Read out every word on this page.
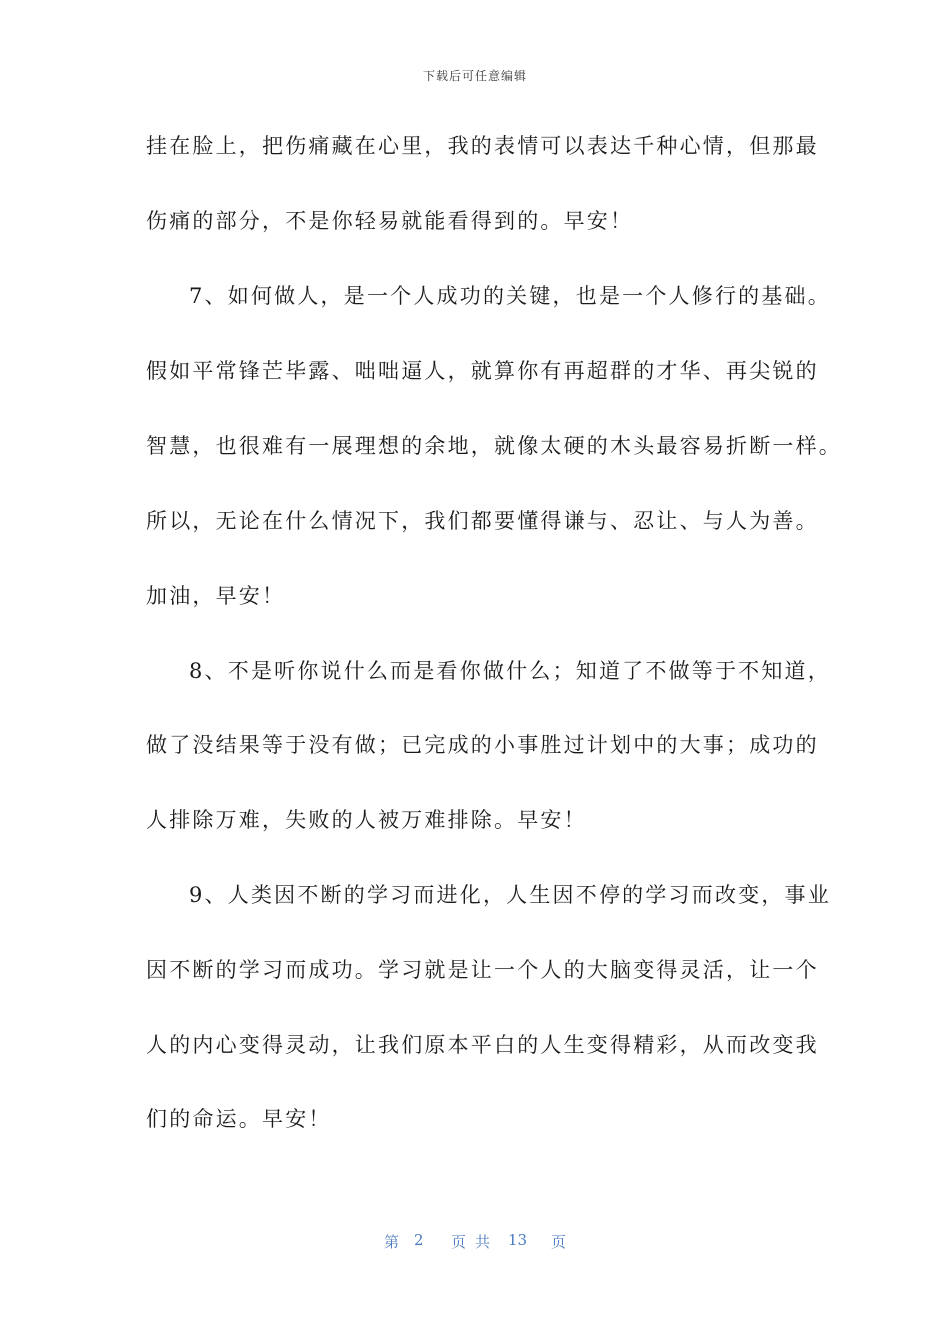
下载后可任意编辑
挂在脸上，把伤痛藏在心里，我的表情可以表达千种心情，但那最
伤痛的部分，不是你轻易就能看得到的。早安！
7、如何做人，是一个人成功的关键，也是一个人修行的基础。
假如平常锋芒毕露、咄咄逼人，就算你有再超群的才华、再尖锐的
智慧，也很难有一展理想的余地，就像太硬的木头最容易折断一样。
所以，无论在什么情况下，我们都要懂得谦与、忍让、与人为善。
加油，早安！
8、不是听你说什么而是看你做什么；知道了不做等于不知道，
做了没结果等于没有做；已完成的小事胜过计划中的大事；成功的
人排除万难，失败的人被万难排除。早安！
9、人类因不断的学习而进化，人生因不停的学习而改变，事业
因不断的学习而成功。学习就是让一个人的大脑变得灵活，让一个
人的内心变得灵动，让我们原本平白的人生变得精彩，从而改变我
们的命运。早安！
第 2 页共 13 页
